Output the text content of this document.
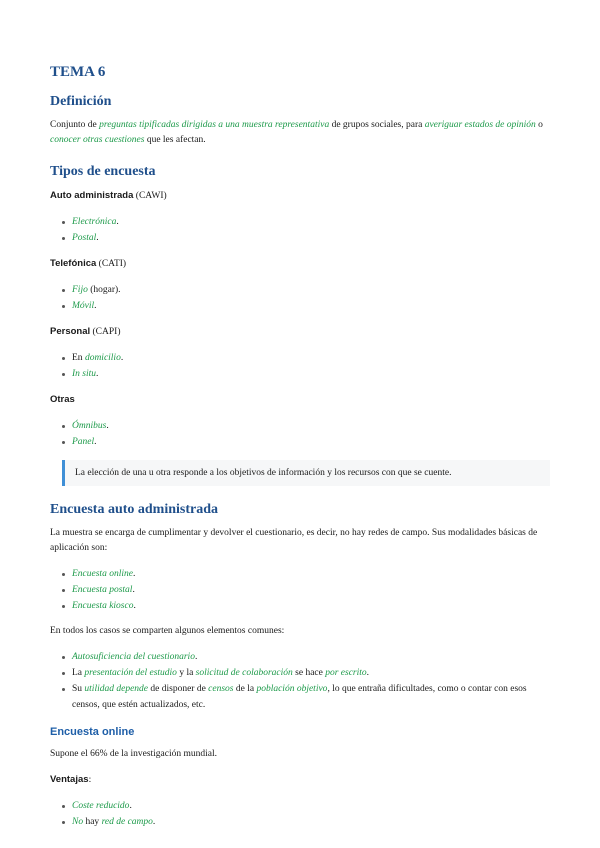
TEMA 6
Definición

Conjunto de preguntas tipificadas dirigidas a una muestra representativa de grupos sociales, para averiguar estados de opinión o conocer otras cuestiones que les afectan.

Tipos de encuesta

Auto administrada (CAWI)

Electrónica.
Postal.

Telefónica (CATI)

Fijo (hogar).
Móvil.

Personal (CAPI)

En domicilio.
In situ.

Otras

Ómnibus.
Panel.
La elección de una u otra responde a los objetivos de información y los recursos con que se cuente.
Encuesta auto administrada

La muestra se encarga de cumplimentar y devolver el cuestionario, es decir, no hay redes de campo. Sus modalidades básicas de aplicación son:

Encuesta online.
Encuesta postal.
Encuesta kiosco.

En todos los casos se comparten algunos elementos comunes:

Autosuficiencia del cuestionario.
La presentación del estudio y la solicitud de colaboración se hace por escrito.
Su utilidad depende de disponer de censos de la población objetivo, lo que entraña dificultades, como o contar con esos censos, que estén actualizados, etc.
Encuesta online

Supone el 66% de la investigación mundial.

Ventajas:

Coste reducido.
No hay red de campo.
